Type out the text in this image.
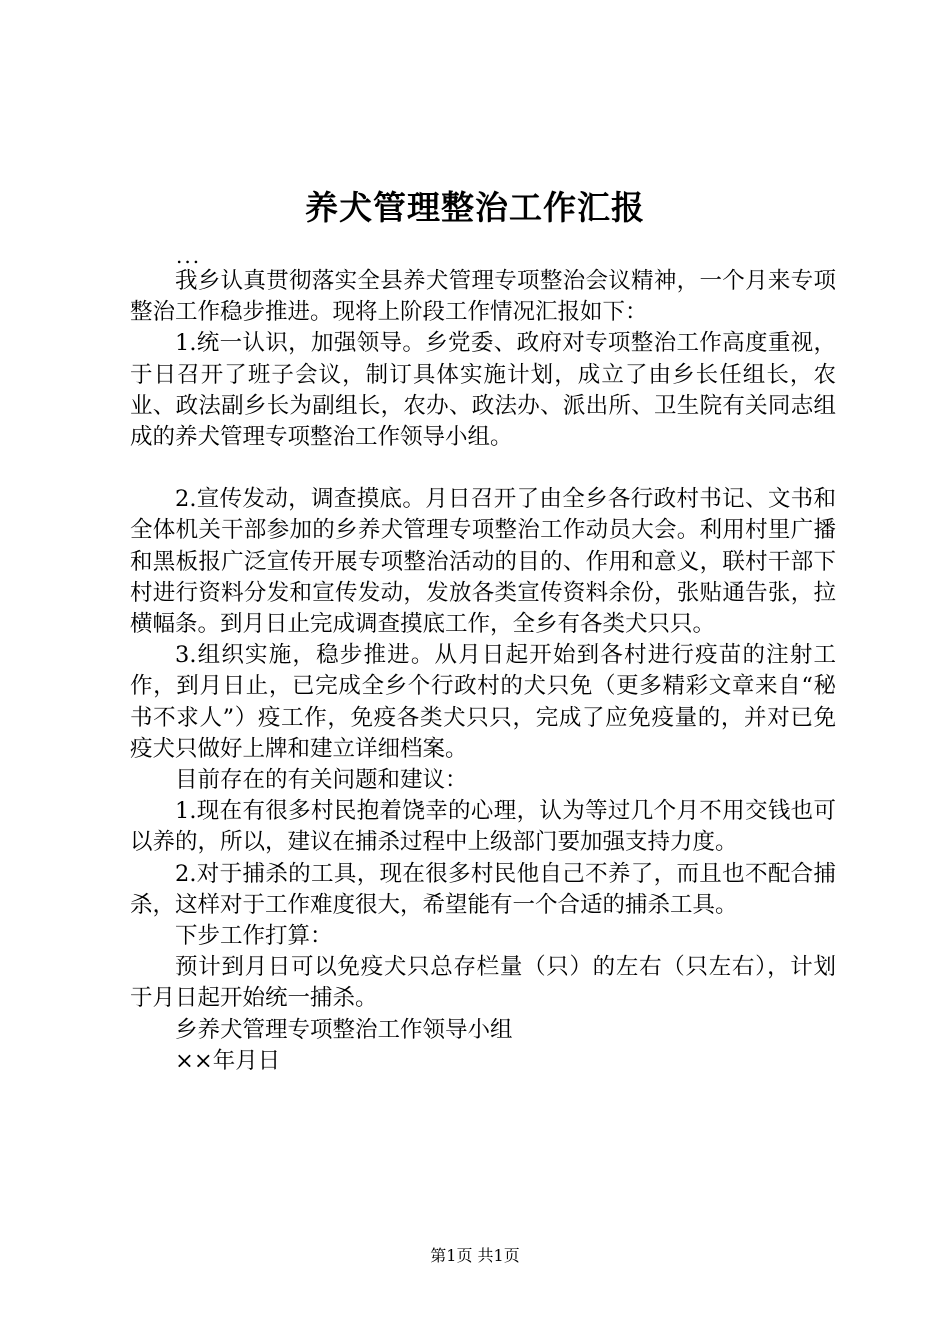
养犬管理整治工作汇报
...

我乡认真贯彻落实全县养犬管理专项整治会议精神，一个月来专项整治工作稳步推进。现将上阶段工作情况汇报如下：

1.统一认识，加强领导。乡党委、政府对专项整治工作高度重视，于日召开了班子会议，制订具体实施计划，成立了由乡长任组长，农业、政法副乡长为副组长，农办、政法办、派出所、卫生院有关同志组成的养犬管理专项整治工作领导小组。

2.宣传发动，调查摸底。月日召开了由全乡各行政村书记、文书和全体机关干部参加的乡养犬管理专项整治工作动员大会。利用村里广播和黑板报广泛宣传开展专项整治活动的目的、作用和意义，联村干部下村进行资料分发和宣传发动，发放各类宣传资料余份，张贴通告张，拉横幅条。到月日止完成调查摸底工作，全乡有各类犬只只。

3.组织实施，稳步推进。从月日起开始到各村进行疫苗的注射工作，到月日止，已完成全乡个行政村的犬只免（更多精彩文章来自“秘书不求人”）疫工作，免疫各类犬只只，完成了应免疫量的，并对已免疫犬只做好上牌和建立详细档案。

目前存在的有关问题和建议：

1.现在有很多村民抱着饶幸的心理，认为等过几个月不用交钱也可以养的，所以，建议在捕杀过程中上级部门要加强支持力度。

2.对于捕杀的工具，现在很多村民他自己不养了，而且也不配合捕杀，这样对于工作难度很大，希望能有一个合适的捕杀工具。

下步工作打算：

预计到月日可以免疫犬只总存栏量（只）的左右（只左右），计划于月日起开始统一捕杀。

乡养犬管理专项整治工作领导小组

××年月日

第1页 共1页
